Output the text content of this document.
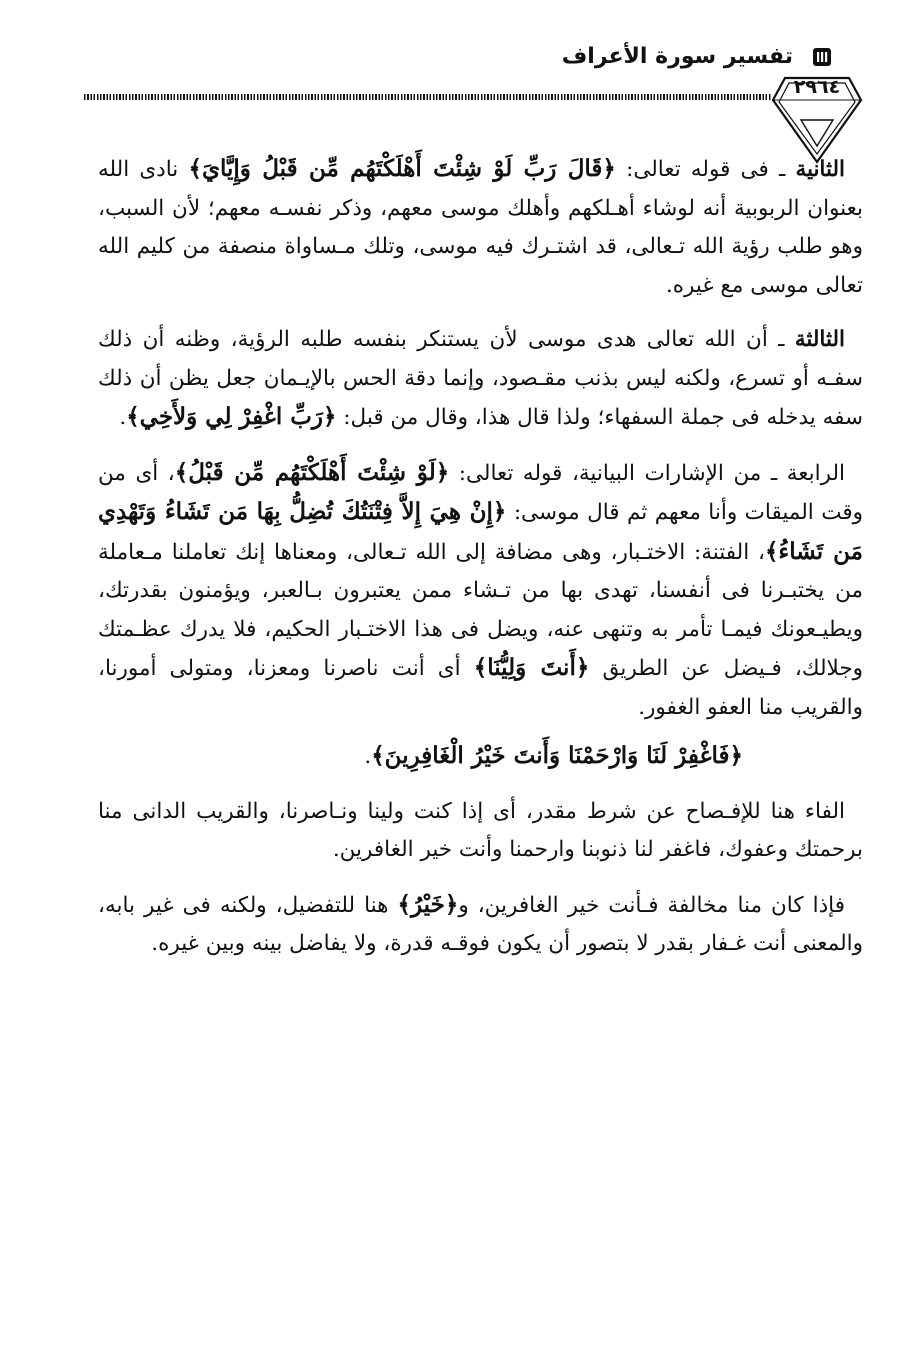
تفسير سورة الأعراف
٢٩٦٤

الثانية ـ فى قوله تعالى: ﴿قَالَ رَبِّ لَوْ شِئْتَ أَهْلَكْتَهُم مِّن قَبْلُ وَإِيَّايَ﴾ نادى الله بعنوان الربوبية أنه لوشاء أهـلكهم وأهلك موسى معهم، وذكر نفسـه معهم؛ لأن السبب، وهو طلب رؤية الله تـعالى، قد اشتـرك فيه موسى، وتلك مـساواة منصفة من كليم الله تعالى موسى مع غيره.

الثالثة ـ أن الله تعالى هدى موسى لأن يستنكر بنفسه طلبه الرؤية، وظنه أن ذلك سفـه أو تسرع، ولكنه ليس بذنب مقـصود، وإنما دقة الحس بالإيـمان جعل يظن أن ذلك سفه يدخله فى جملة السفهاء؛ ولذا قال هذا، وقال من قبل: ﴿رَبِّ اغْفِرْ لِي وَلأَخِي﴾.

الرابعة ـ من الإشارات البيانية، قوله تعالى: ﴿لَوْ شِئْتَ أَهْلَكْتَهُم مِّن قَبْلُ﴾، أى من وقت الميقات وأنا معهم ثم قال موسى: ﴿إِنْ هِيَ إِلاَّ فِتْنَتُكَ تُضِلُّ بِهَا مَن تَشَاءُ وَتَهْدِي مَن تَشَاءُ﴾، الفتنة: الاختـبار، وهى مضافة إلى الله تـعالى، ومعناها إنك تعاملنا مـعاملة من يختبـرنا فى أنفسنا، تهدى بها من تـشاء ممن يعتبرون بـالعبر، ويؤمنون بقدرتك، ويطيـعونك فيمـا تأمر به وتنهى عنه، ويضل فى هذا الاختـبار الحكيم، فلا يدرك عظـمتك وجلالك، فـيضل عن الطريق ﴿أَنتَ وَلِيُّنَا﴾ أى أنت ناصرنا ومعزنا، ومتولى أمورنا، والقريب منا العفو الغفور.

﴿فَاغْفِرْ لَنَا وَارْحَمْنَا وَأَنتَ خَيْرُ الْغَافِرِينَ﴾.

الفاء هنا للإفـصاح عن شرط مقدر، أى إذا كنت ولينا ونـاصرنا، والقريب الدانى منا برحمتك وعفوك، فاغفر لنا ذنوبنا وارحمنا وأنت خير الغافرين.

فإذا كان منا مخالفة فـأنت خير الغافرين، و﴿خَيْرُ﴾ هنا للتفضيل، ولكنه فى غير بابه، والمعنى أنت غـفار بقدر لا بتصور أن يكون فوقـه قدرة، ولا يفاضل بينه وبين غيره.
